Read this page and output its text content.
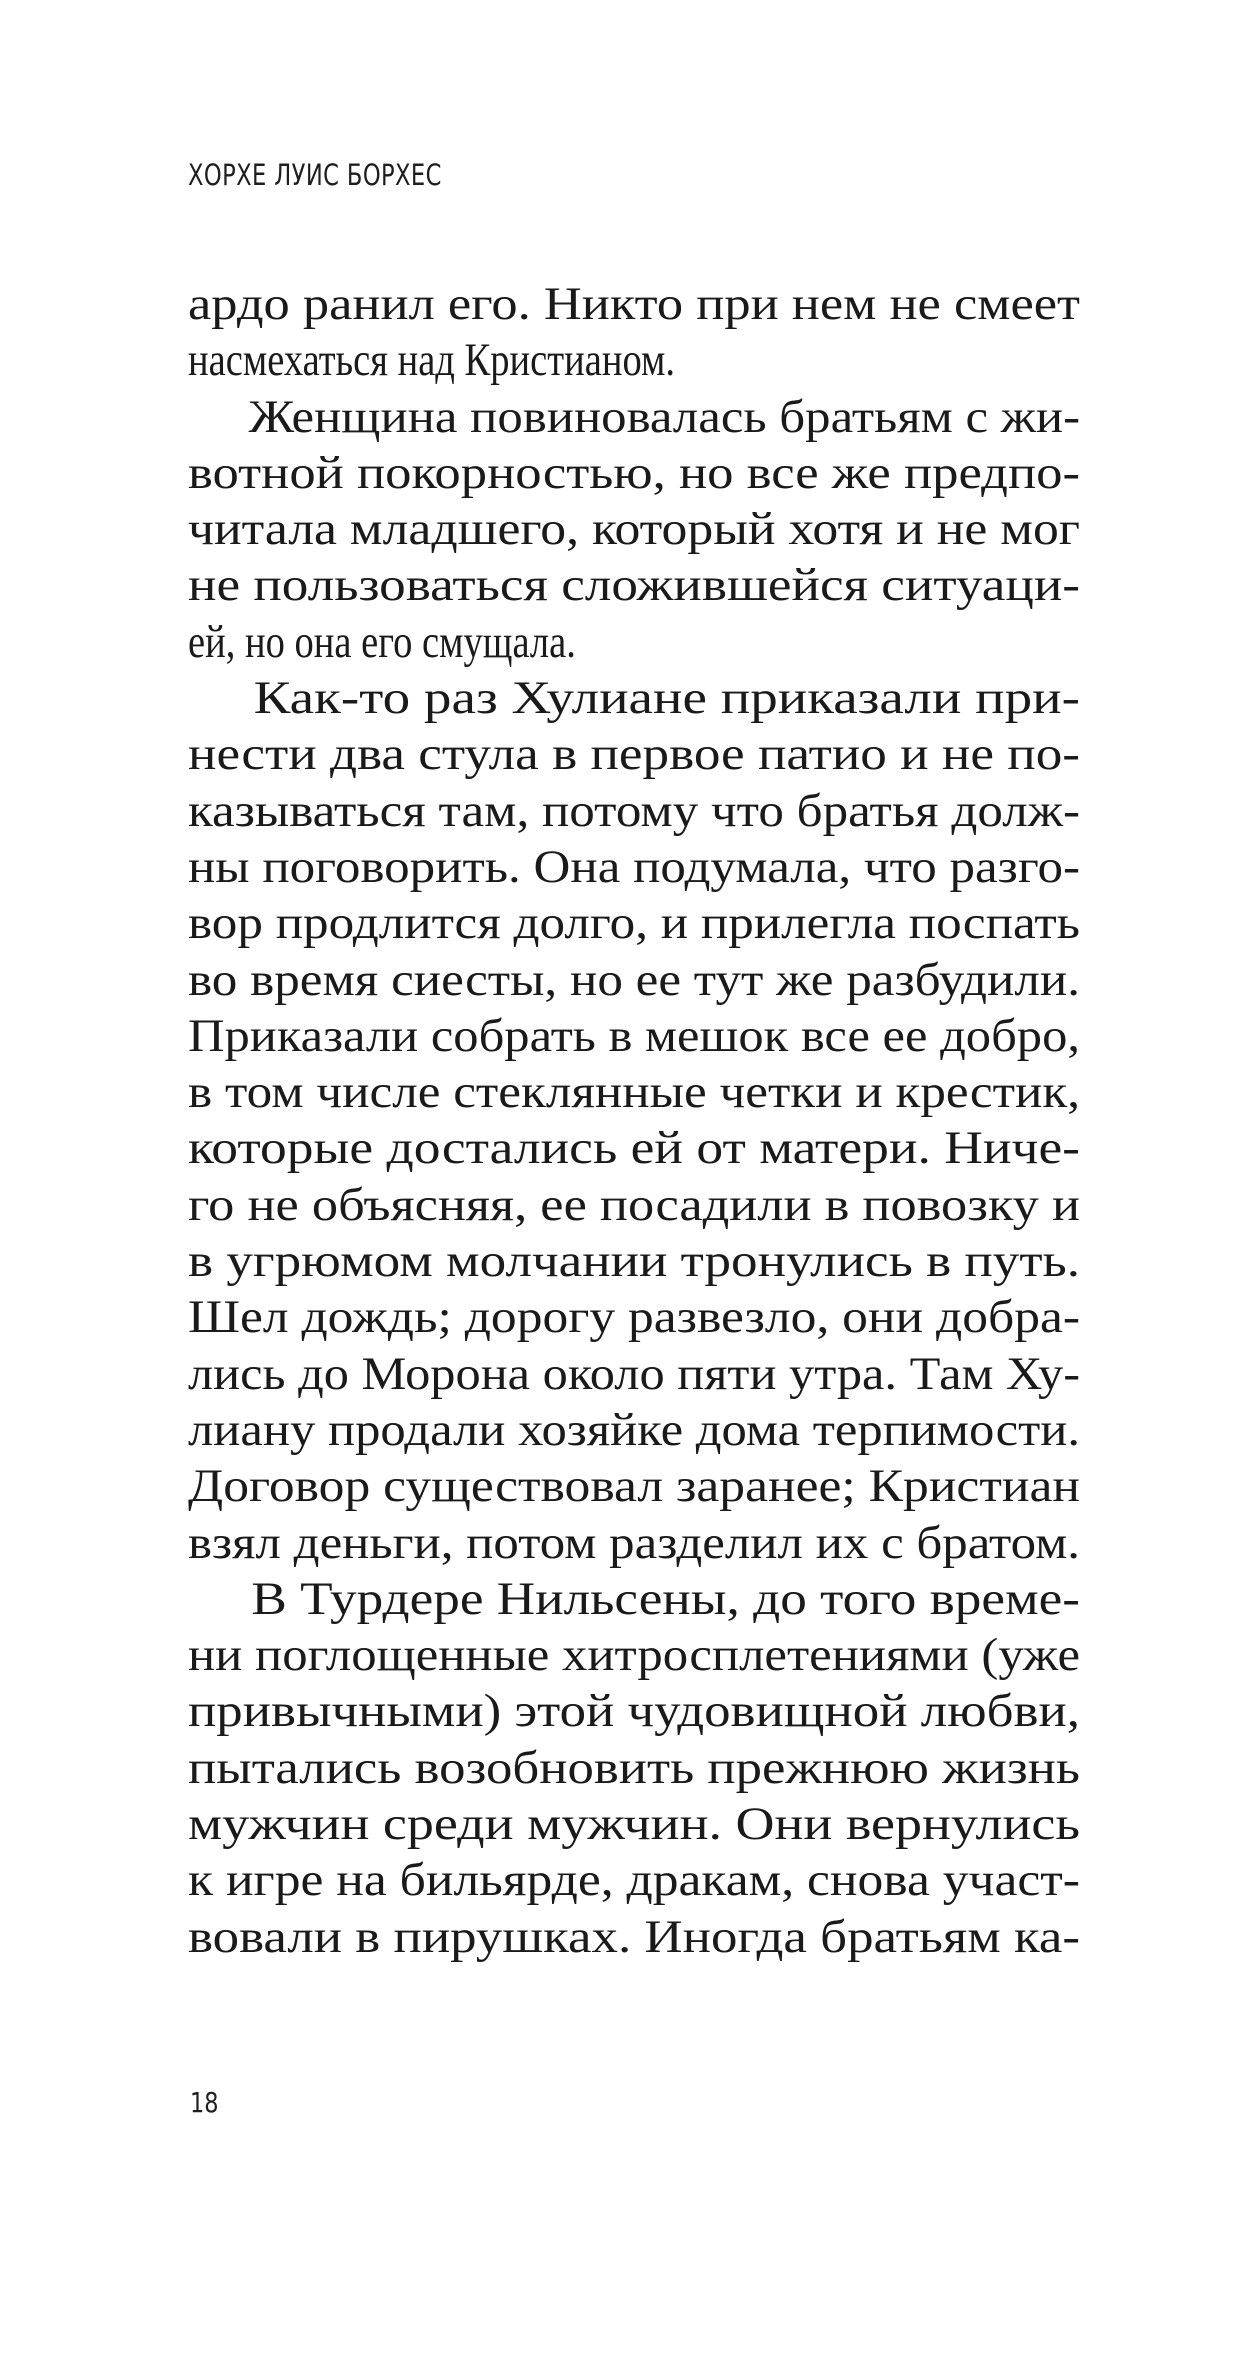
ХОРХЕ ЛУИС БОРХЕС
ардо ранил его. Никто при нем не смеет
насмехаться над Кристианом.
Женщина повиновалась братьям с жи-
вотной покорностью, но все же предпо-
читала младшего, который хотя и не мог
не пользоваться сложившейся ситуаци-
ей, но она его смущала.
Как-то раз Хулиане приказали при-
нести два стула в первое патио и не по-
казываться там, потому что братья долж-
ны поговорить. Она подумала, что разго-
вор продлится долго, и прилегла поспать
во время сиесты, но ее тут же разбудили.
Приказали собрать в мешок все ее добро,
в том числе стеклянные четки и крестик,
которые достались ей от матери. Ниче-
го не объясняя, ее посадили в повозку и
в угрюмом молчании тронулись в путь.
Шел дождь; дорогу развезло, они добра-
лись до Морона около пяти утра. Там Ху-
лиану продали хозяйке дома терпимости.
Договор существовал заранее; Кристиан
взял деньги, потом разделил их с братом.
В Турдере Нильсены, до того време-
ни поглощенные хитросплетениями (уже
привычными) этой чудовищной любви,
пытались возобновить прежнюю жизнь
мужчин среди мужчин. Они вернулись
к игре на бильярде, дракам, снова участ-
вовали в пирушках. Иногда братьям ка-
18
